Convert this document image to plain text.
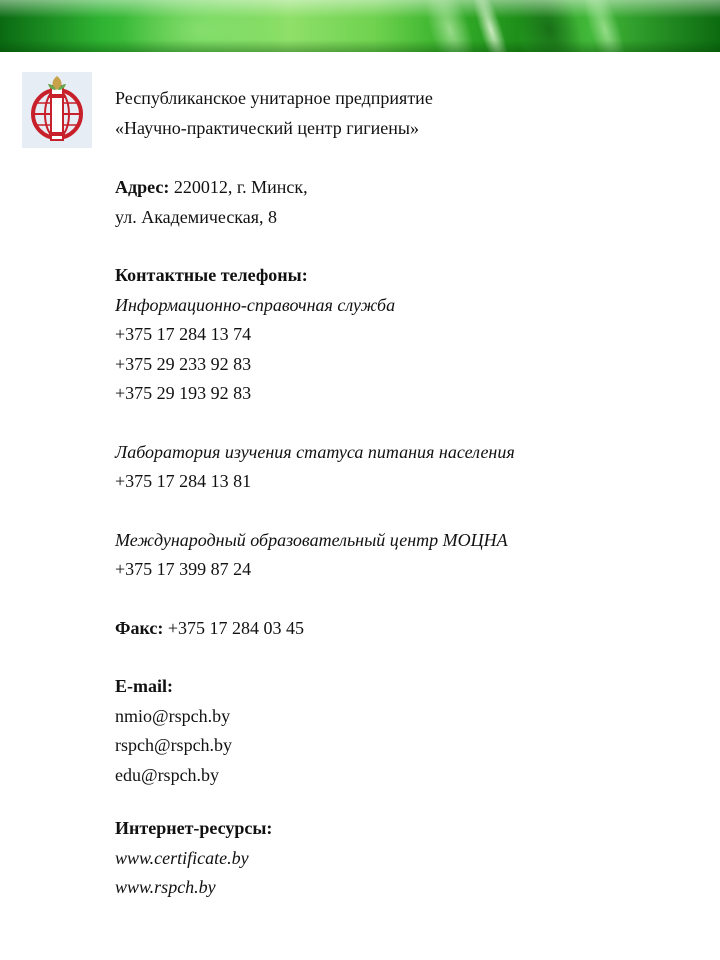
Республиканское унитарное предприятие
«Научно-практический центр гигиены»
Адрес: 220012, г. Минск,
ул. Академическая, 8
Контактные телефоны:
Информационно-справочная служба
+375 17 284 13 74
+375 29 233 92 83
+375 29 193 92 83
Лаборатория изучения статуса питания населения
+375 17 284 13 81
Международный образовательный центр МОЦНА
+375 17 399 87 24
Факс: +375 17 284 03 45
E-mail:
nmio@rspch.by
rspch@rspch.by
edu@rspch.by
Интернет-ресурсы:
www.certificate.by
www.rspch.by
